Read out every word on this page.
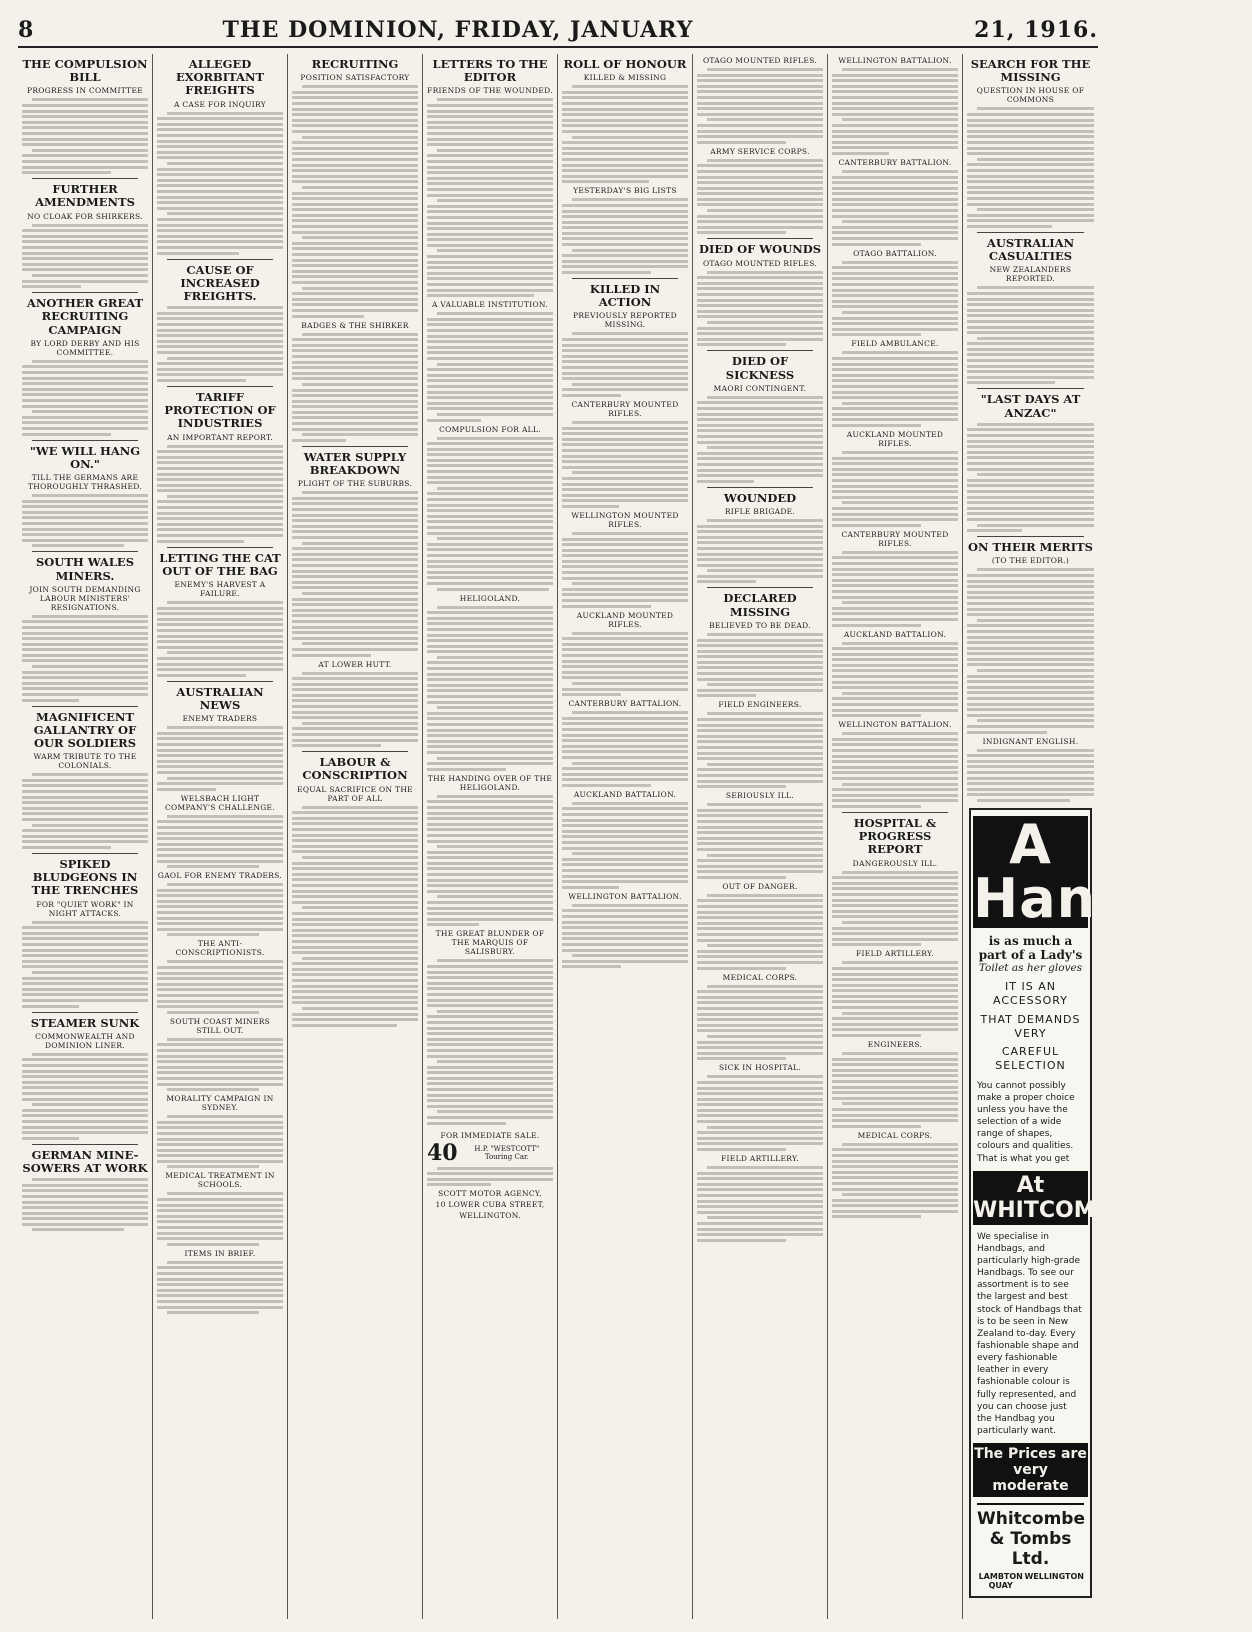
8	THE DOMINION, FRIDAY, JANUARY	21, 1916.
THE COMPULSION BILL
PROGRESS IN COMMITTEE
FURTHER AMENDMENTS
NO CLOAK FOR SHIRKERS.
ANOTHER GREAT RECRUITING CAMPAIGN
BY LORD DERBY AND HIS COMMITTEE.
"WE WILL HANG ON."
TILL THE GERMANS ARE THOROUGHLY THRASHED.
SOUTH WALES MINERS.
JOIN SOUTH DEMANDING LABOUR MINISTERS' RESIGNATIONS.
MAGNIFICENT GALLANTRY OF OUR SOLDIERS
WARM TRIBUTE TO THE COLONIALS.
SPIKED BLUDGEONS IN THE TRENCHES
FOR "QUIET WORK" IN NIGHT ATTACKS.
STEAMER SUNK
COMMONWEALTH AND DOMINION LINER.
GERMAN MINE-SOWERS AT WORK
ALLEGED EXORBITANT FREIGHTS
A CASE FOR INQUIRY
CAUSE OF INCREASED FREIGHTS.
TARIFF PROTECTION OF INDUSTRIES
AN IMPORTANT REPORT.
LETTING THE CAT OUT OF THE BAG
ENEMY'S HARVEST A FAILURE.
AUSTRALIAN NEWS
ENEMY TRADERS
WELSBACH LIGHT COMPANY'S CHALLENGE.
GAOL FOR ENEMY TRADERS.
THE ANTI-CONSCRIPTIONISTS.
SOUTH COAST MINERS STILL OUT.
MORALITY CAMPAIGN IN SYDNEY.
MEDICAL TREATMENT IN SCHOOLS.
ITEMS IN BRIEF.
RECRUITING
POSITION SATISFACTORY
BADGES & THE SHIRKER
WATER SUPPLY BREAKDOWN
PLIGHT OF THE SUBURBS.
AT LOWER HUTT.
LABOUR & CONSCRIPTION
EQUAL SACRIFICE ON THE PART OF ALL
LETTERS TO THE EDITOR
FRIENDS OF THE WOUNDED.
A VALUABLE INSTITUTION.
COMPULSION FOR ALL.
HELIGOLAND.
THE HANDING OVER OF THE HELIGOLAND.
THE GREAT BLUNDER OF THE MARQUIS OF SALISBURY.
FOR IMMEDIATE SALE.
40	H.P. "WESTCOTT" Touring Car.
SCOTT MOTOR AGENCY,
10 LOWER CUBA STREET,
WELLINGTON.
ROLL OF HONOUR
KILLED & MISSING
YESTERDAY'S BIG LISTS
KILLED IN ACTION
PREVIOUSLY REPORTED MISSING.
CANTERBURY MOUNTED RIFLES.
WELLINGTON MOUNTED RIFLES.
AUCKLAND MOUNTED RIFLES.
CANTERBURY BATTALION.
AUCKLAND BATTALION.
WELLINGTON BATTALION.
OTAGO MOUNTED RIFLES.
ARMY SERVICE CORPS.
DIED OF WOUNDS
OTAGO MOUNTED RIFLES.
DIED OF SICKNESS
MAORI CONTINGENT.
WOUNDED
RIFLE BRIGADE.
DECLARED MISSING
BELIEVED TO BE DEAD.
FIELD ENGINEERS.
SERIOUSLY ILL.
OUT OF DANGER.
MEDICAL CORPS.
SICK IN HOSPITAL.
FIELD ARTILLERY.
WELLINGTON BATTALION.
CANTERBURY BATTALION.
OTAGO BATTALION.
FIELD AMBULANCE.
AUCKLAND MOUNTED RIFLES.
CANTERBURY MOUNTED RIFLES.
AUCKLAND BATTALION.
WELLINGTON BATTALION.
HOSPITAL & PROGRESS REPORT
DANGEROUSLY ILL.
FIELD ARTILLERY.
ENGINEERS.
MEDICAL CORPS.
SEARCH FOR THE MISSING
QUESTION IN HOUSE OF COMMONS
AUSTRALIAN CASUALTIES
NEW ZEALANDERS REPORTED.
"LAST DAYS AT ANZAC"
ON THEIR MERITS
(TO THE EDITOR.)
INDIGNANT ENGLISH.
A Handbag
is as much a part of a Lady's
Toilet as her gloves
IT IS AN ACCESSORY
THAT DEMANDS VERY
CAREFUL SELECTION
You cannot possibly make a proper choice unless you have the selection of a wide range of shapes, colours and qualities. That is what you get
At WHITCOMBE'S
We specialise in Handbags, and particularly high-grade Handbags. To see our assortment is to see the largest and best stock of Handbags that is to be seen in New Zealand to-day. Every fashionable shape and every fashionable leather in every fashionable colour is fully represented, and you can choose just the Handbag you particularly want.
The Prices are very moderate
Whitcombe & Tombs Ltd.
LAMBTON QUAY
WELLINGTON
